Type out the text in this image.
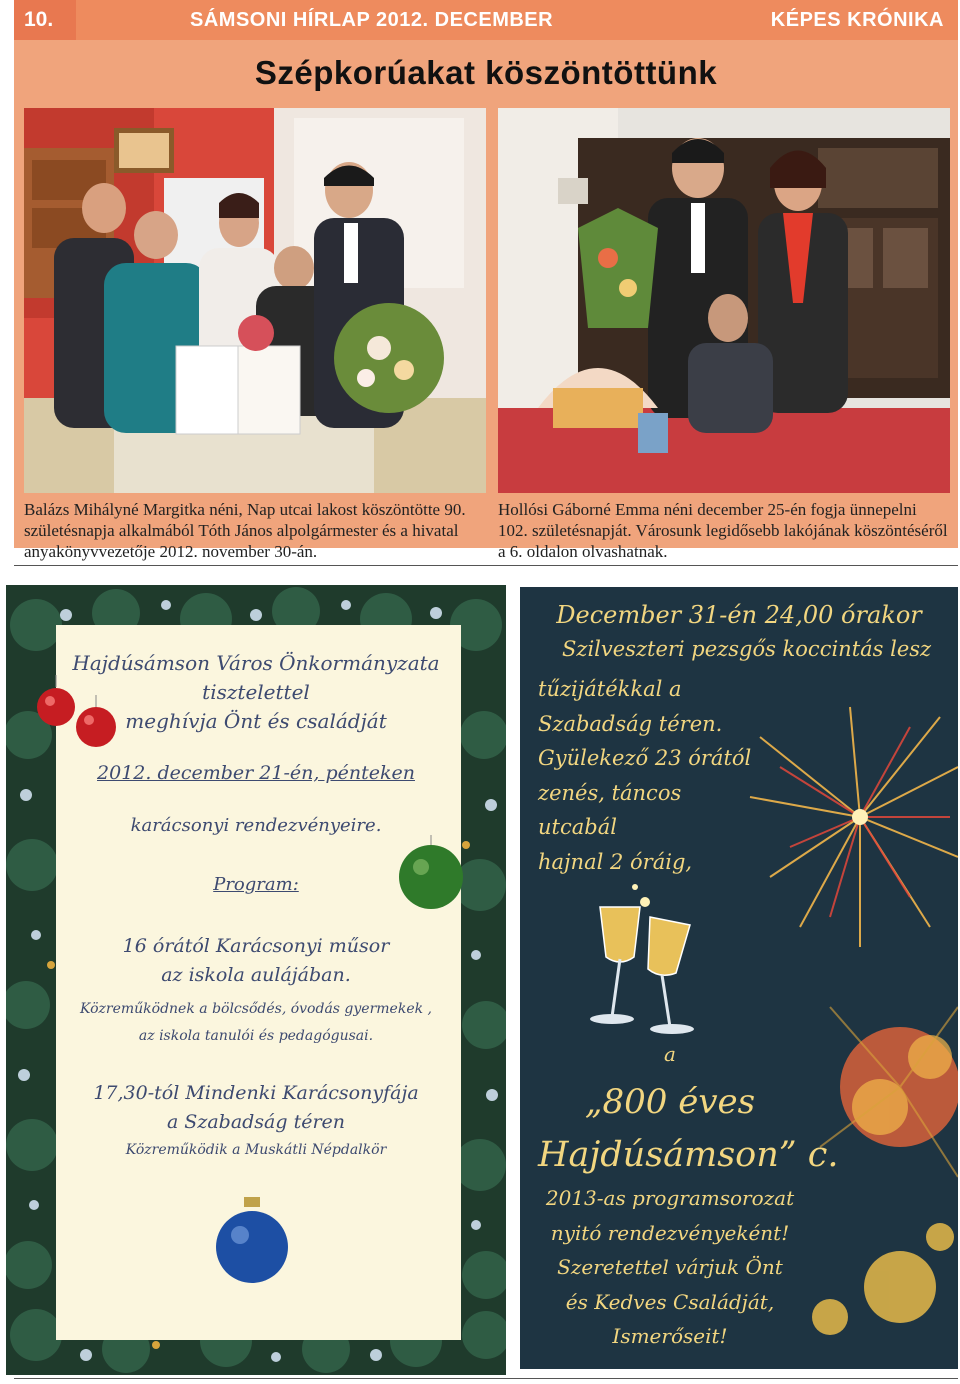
10.	SÁMSONI HÍRLAP 2012. DECEMBER	KÉPES KRÓNIKA
Szépkorúakat köszöntöttünk
Balázs Mihályné Margitka néni, Nap utcai lakost köszöntötte 90. születésnapja alkalmából Tóth János alpolgármester és a hivatal anyakönyvvezetője 2012. november 30-án.
Hollósi Gáborné Emma néni december 25-én fogja ünnepelni 102. születésnapját. Városunk legidősebb lakójának köszöntéséről a 6. oldalon olvashatnak.
Hajdúsámson Város Önkormányzata
tisztelettel
meghívja Önt és családját
2012. december 21-én, pénteken
karácsonyi rendezvényeire.
Program:
16 órától Karácsonyi műsor
az iskola aulájában.
Közreműködnek a bölcsődés, óvodás gyermekek ,
az iskola tanulói és pedagógusai.
17,30-tól Mindenki Karácsonyfája
a Szabadság téren
Közreműködik a Muskátli Népdalkör
December 31-én 24,00 órakor
Szilveszteri pezsgős koccintás lesz
tűzijátékkal a
Szabadság téren.
Gyülekező 23 órától
zenés, táncos
utcabál
hajnal 2 óráig,
a
„800 éves
Hajdúsámson” c.
2013-as programsorozat
nyitó rendezvényeként!
Szeretettel várjuk Önt
és Kedves Családját,
Ismerőseit!
